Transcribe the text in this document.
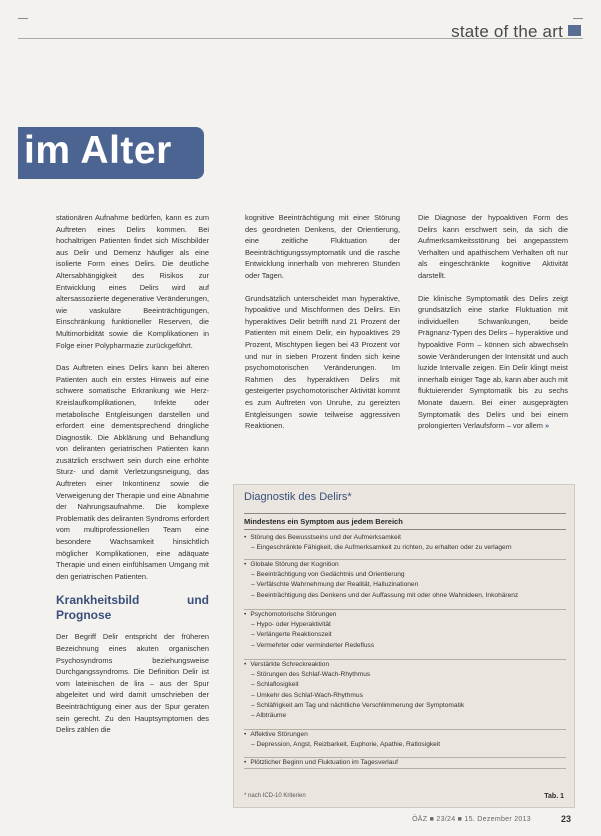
state of the art
im Alter

stationären Aufnahme bedürfen, kann es zum Auftreten eines Delirs kommen. Bei hochaltrigen Patienten findet sich Mischbilder aus Delir und Demenz häufiger als eine isolierte Form eines Delirs. Die deutliche Altersabhängigkeit des Risikos zur Entwicklung eines Delirs wird auf altersassoziierte degenerative Veränderungen, wie vaskuläre Beeinträchtigungen, Einschränkung funktioneller Reserven, die Multimorbidität sowie die Komplikationen in Folge einer Polypharmazie zurückgeführt.

Das Auftreten eines Delirs kann bei älteren Patienten auch ein erstes Hinweis auf eine schwere somatische Erkrankung wie Herz-Kreislaufkomplikationen, Infekte oder metabolische Entgleisungen darstellen und erfordert eine dementsprechend dringliche Diagnostik. Die Abklärung und Behandlung von deliranten geriatrischen Patienten kann zusätzlich erschwert sein durch eine erhöhte Sturz- und damit Verletzungsneigung, das Auftreten einer Inkontinenz sowie die Verweigerung der Therapie und eine Abnahme der Nahrungsaufnahme. Die komplexe Problematik des deliranten Syndroms erfordert vom multiprofessionellen Team eine besondere Wachsamkeit hinsichtlich möglicher Komplikationen, eine adäquate Therapie und einen einfühlsamen Umgang mit den geriatrischen Patienten.

Krankheitsbild und Prognose

Der Begriff Delir entspricht der früheren Bezeichnung eines akuten organischen Psychosyndroms beziehungsweise Durchgangssyndroms. Die Definition Delir ist vom lateinischen de lira – aus der Spur abgeleitet und wird damit umschrieben der Beeinträchtigung einer aus der Spur geraten sein gerecht. Zu den Hauptsymptomen des Delirs zählen die

kognitive Beeinträchtigung mit einer Störung des geordneten Denkens, der Orientierung, eine zeitliche Fluktuation der Beeinträchtigungssymptomatik und die rasche Entwicklung innerhalb von mehreren Stunden oder Tagen.

Grundsätzlich unterscheidet man hyperaktive, hypoaktive und Mischformen des Delirs. Ein hyperaktives Delir betrifft rund 21 Prozent der Patienten mit einem Delir, ein hypoaktives 29 Prozent, Mischtypen liegen bei 43 Prozent vor und nur in sieben Prozent finden sich keine psychomotorischen Veränderungen. Im Rahmen des hyperaktiven Delirs mit gesteigerter psychomotorischer Aktivität kommt es zum Auftreten von Unruhe, zu gereizten Entgleisungen sowie teilweise aggressiven Reaktionen.

Die Diagnose der hypoaktiven Form des Delirs kann erschwert sein, da sich die Aufmerksamkeitsstörung bei angepasstem Verhalten und apathischem Verhalten oft nur als eingeschränkte kognitive Aktivität darstellt.

Die klinische Symptomatik des Delirs zeigt grundsätzlich eine starke Fluktuation mit individuellen Schwankungen, beide Prägnanz-Typen des Delirs – hyperaktive und hypoaktive Form – können sich abwechseln sowie Veränderungen der Intensität und auch luzide Intervalle zeigen. Ein Delir klingt meist innerhalb einiger Tage ab, kann aber auch mit fluktuierender Symptomatik bis zu sechs Monate dauern. Bei einer ausgeprägten Symptomatik des Delirs und bei einem prolongierten Verlaufsform – vor allem »

Diagnostik des Delirs*
Mindestens ein Symptom aus jedem Bereich
• Störung des Bewusstseins und der Aufmerksamkeit
– Eingeschränkte Fähigkeit, die Aufmerksamkeit zu richten, zu erhalten oder zu verlagern
• Globale Störung der Kognition
– Beeinträchtigung von Gedächtnis und Orientierung
– Verfälschte Wahrnehmung der Realität, Halluzinationen
– Beeinträchtigung des Denkens und der Auffassung mit oder ohne Wahnideen, Inkohärenz
• Psychomotorische Störungen
– Hypo- oder Hyperaktivität
– Verlängerte Reaktionszeit
– Vermehrter oder verminderter Redefluss
• Verstärkte Schreckreaktion
– Störungen des Schlaf-Wach-Rhythmus
– Schlaflosigkeit
– Umkehr des Schlaf-Wach-Rhythmus
– Schläfrigkeit am Tag und nächtliche Verschlimmerung der Symptomatik
– Albträume
• Affektive Störungen
– Depression, Angst, Reizbarkeit, Euphorie, Apathie, Ratlosigkeit
• Plötzlicher Beginn und Fluktuation im Tagesverlauf
* nach ICD-10 Kriterien	Tab. 1
ÖÄZ ■ 23/24 ■ 15. Dezember 2013	23
